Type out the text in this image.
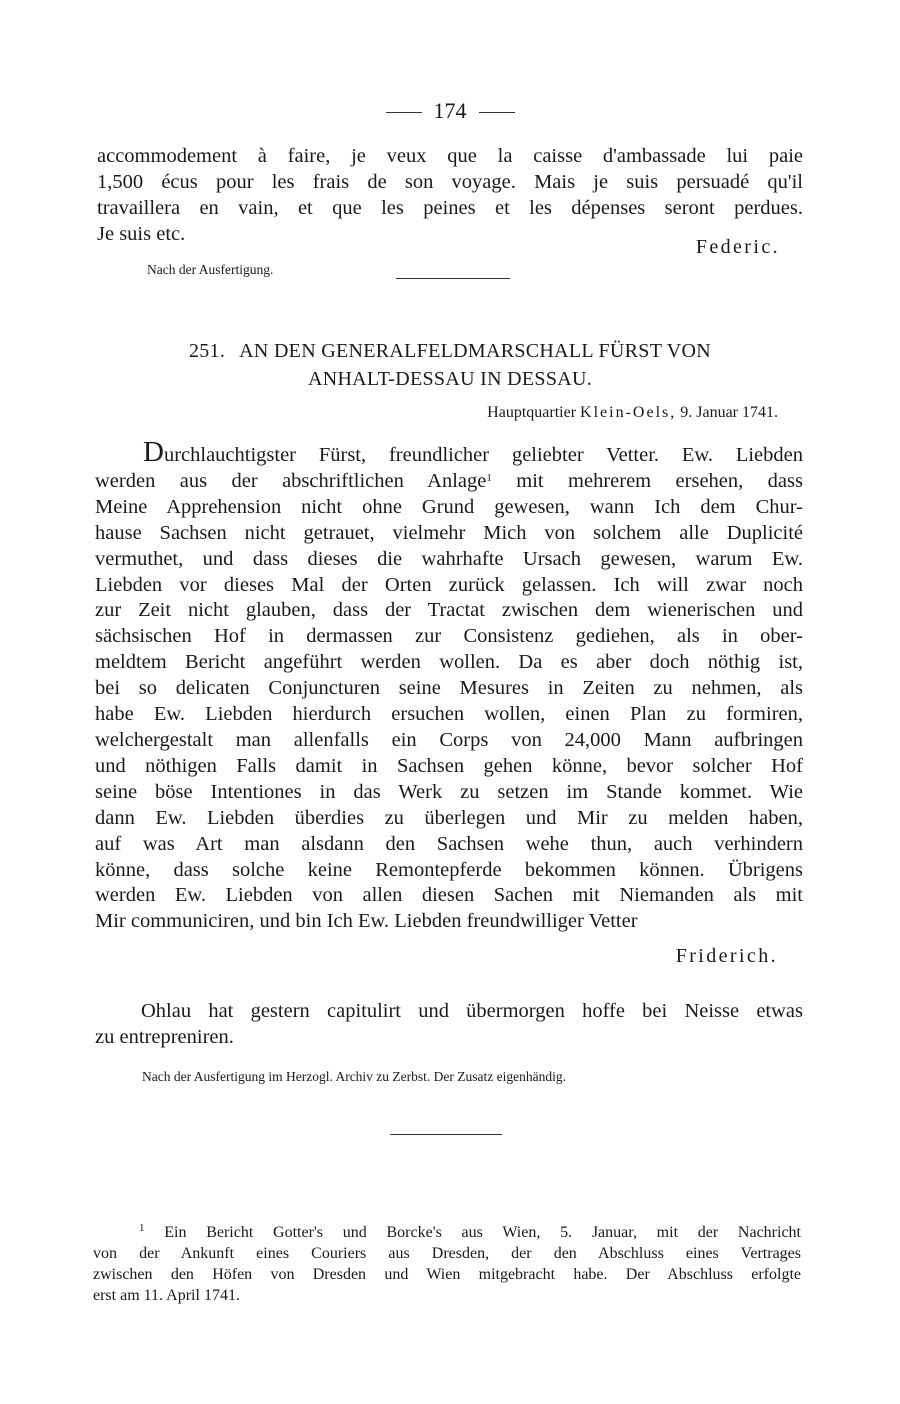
174
accommodement à faire, je veux que la caisse d'ambassade lui paie
1,500 écus pour les frais de son voyage. Mais je suis persuadé qu'il
travaillera en vain, et que les peines et les dépenses seront perdues.
Je suis etc.
Federic.
Nach der Ausfertigung.
251. AN DEN GENERALFELDMARSCHALL FÜRST VON
ANHALT-DESSAU IN DESSAU.
Hauptquartier Klein-Oels, 9. Januar 1741.
Durchlauchtigster Fürst, freundlicher geliebter Vetter. Ew. Liebden
werden aus der abschriftlichen Anlage$^1$ mit mehrerem ersehen, dass
Meine Apprehension nicht ohne Grund gewesen, wann Ich dem Chur-
hause Sachsen nicht getrauet, vielmehr Mich von solchem alle Duplicité
vermuthet, und dass dieses die wahrhafte Ursach gewesen, warum Ew.
Liebden vor dieses Mal der Orten zurück gelassen. Ich will zwar noch
zur Zeit nicht glauben, dass der Tractat zwischen dem wienerischen und
sächsischen Hof in dermassen zur Consistenz gediehen, als in ober-
meldtem Bericht angeführt werden wollen. Da es aber doch nöthig ist,
bei so delicaten Conjuncturen seine Mesures in Zeiten zu nehmen, als
habe Ew. Liebden hierdurch ersuchen wollen, einen Plan zu formiren,
welchergestalt man allenfalls ein Corps von 24,000 Mann aufbringen
und nöthigen Falls damit in Sachsen gehen könne, bevor solcher Hof
seine böse Intentiones in das Werk zu setzen im Stande kommet. Wie
dann Ew. Liebden überdies zu überlegen und Mir zu melden haben,
auf was Art man alsdann den Sachsen wehe thun, auch verhindern
könne, dass solche keine Remontepferde bekommen können. Übrigens
werden Ew. Liebden von allen diesen Sachen mit Niemanden als mit
Mir communiciren, und bin Ich Ew. Liebden freundwilliger Vetter
Friderich.
Ohlau hat gestern capitulirt und übermorgen hoffe bei Neisse etwas
zu entrepreniren.
Nach der Ausfertigung im Herzogl. Archiv zu Zerbst. Der Zusatz eigenhändig.
$^1$ Ein Bericht Gotter's und Borcke's aus Wien, 5. Januar, mit der Nachricht
von der Ankunft eines Couriers aus Dresden, der den Abschluss eines Vertrages
zwischen den Höfen von Dresden und Wien mitgebracht habe. Der Abschluss erfolgte
erst am 11. April 1741.
